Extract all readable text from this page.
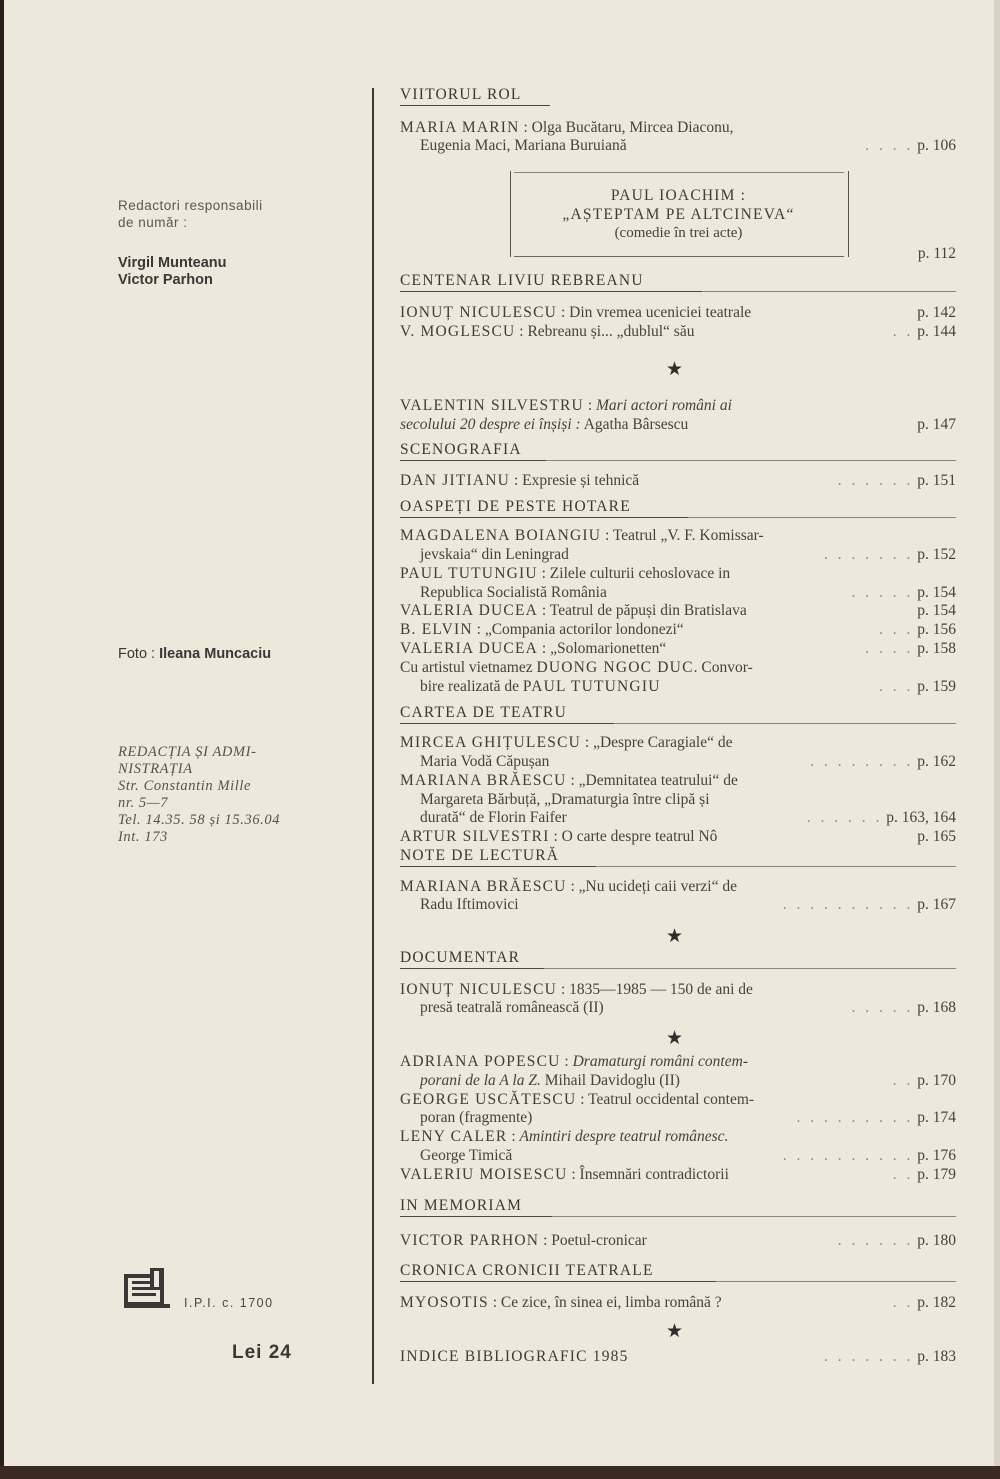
Redactori responsabili
de număr :
Virgil Munteanu
Victor Parhon
Foto : Ileana Muncaciu
REDACȚIA ȘI ADMI-
NISTRAȚIA
Str. Constantin Mille
nr. 5—7
Tel. 14.35. 58 și 15.36.04
Int. 173
I.P.I. c. 1700
Lei 24
VIITORUL ROL
MARIA MARIN : Olga Bucătaru, Mircea Diaconu,
Eugenia Maci, Mariana Buruiană	. . . . p. 106
PAUL IOACHIM :
„AȘTEPTAM PE ALTCINEVA“
(comedie în trei acte)
p. 112
CENTENAR LIVIU REBREANU
IONUȚ NICULESCU : Din vremea uceniciei teatrale	p. 142
V. MOGLESCU : Rebreanu și... „dublul“ său	. . p. 144
★
VALENTIN SILVESTRU : Mari actori români ai
secolului 20 despre ei înșiși : Agatha Bârsescu	p. 147
SCENOGRAFIA
DAN JITIANU : Expresie și tehnică	. . . . . . p. 151
OASPEȚI DE PESTE HOTARE
MAGDALENA BOIANGIU : Teatrul „V. F. Komissar-
jevskaia“ din Leningrad	. . . . . . . p. 152
PAUL TUTUNGIU : Zilele culturii cehoslovace in
Republica Socialistă România	. . . . . p. 154
VALERIA DUCEA : Teatrul de păpuși din Bratislava	p. 154
B. ELVIN : „Compania actorilor londonezi“	. . . p. 156
VALERIA DUCEA : „Solomarionetten“	. . . . p. 158
Cu artistul vietnamez DUONG NGOC DUC. Convor-
bire realizată de PAUL TUTUNGIU	. . . p. 159
CARTEA DE TEATRU
MIRCEA GHIȚULESCU : „Despre Caragiale“ de
Maria Vodă Căpușan	. . . . . . . . p. 162
MARIANA BRĂESCU : „Demnitatea teatrului“ de
Margareta Bărbuță, „Dramaturgia între clipă și
durată“ de Florin Faifer	. . . . . . p. 163, 164
ARTUR SILVESTRI : O carte despre teatrul Nô	p. 165
NOTE DE LECTURĂ
MARIANA BRĂESCU : „Nu ucideți caii verzi“ de
Radu Iftimovici	. . . . . . . . . . p. 167
★
DOCUMENTAR
IONUȚ NICULESCU : 1835—1985 — 150 de ani de
presă teatrală românească (II)	. . . . . p. 168
★
ADRIANA POPESCU : Dramaturgi români contem-
porani de la A la Z. Mihail Davidoglu (II)	. . p. 170
GEORGE USCĂTESCU : Teatrul occidental contem-
poran (fragmente)	. . . . . . . . . p. 174
LENY CALER : Amintiri despre teatrul românesc.
George Timică	. . . . . . . . . . p. 176
VALERIU MOISESCU : Însemnări contradictorii	. . p. 179
IN MEMORIAM
VICTOR PARHON : Poetul-cronicar	. . . . . . p. 180
CRONICA CRONICII TEATRALE
MYOSOTIS : Ce zice, în sinea ei, limba română ?	. . p. 182
★
INDICE BIBLIOGRAFIC 1985	. . . . . . . p. 183
